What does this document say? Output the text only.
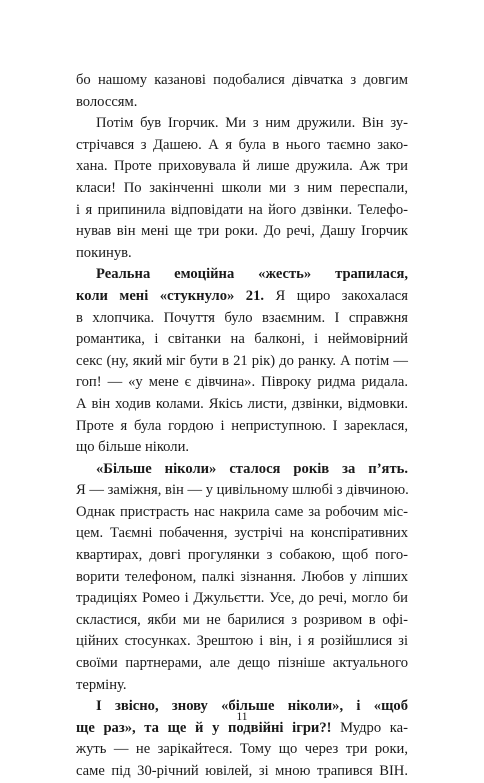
бо нашому казанові подобалися дівчатка з довгим
волоссям.
Потім був Ігорчик. Ми з ним дружили. Він зу-
стрічався з Дашею. А я була в нього таємно зако-
хана. Проте приховувала й лише дружила. Аж три
класи! По закінченні школи ми з ним переспали,
і я припинила відповідати на його дзвінки. Телефо-
нував він мені ще три роки. До речі, Дашу Ігорчик
покинув.
Реальна емоційна «жесть» трапилася,
коли мені «стукнуло» 21. Я щиро закохалася
в хлопчика. Почуття було взаємним. І справжня
романтика, і світанки на балконі, і неймовірний
секс (ну, який міг бути в 21 рік) до ранку. А потім —
гоп! — «у мене є дівчина». Півроку ридма ридала.
А він ходив колами. Якісь листи, дзвінки, відмовки.
Проте я була гордою і неприступною. І зареклася,
що більше ніколи.
«Більше ніколи» сталося років за п’ять.
Я — заміжня, він — у цивільному шлюбі з дівчиною.
Однак пристрасть нас накрила саме за робочим міс-
цем. Таємні побачення, зустрічі на конспіративних
квартирах, довгі прогулянки з собакою, щоб пого-
ворити телефоном, палкі зізнання. Любов у ліпших
традиціях Ромео і Джульєтти. Усе, до речі, могло би
скластися, якби ми не барилися з розривом в офі-
ційних стосунках. Зрештою і він, і я розійшлися зі
своїми партнерами, але дещо пізніше актуального
терміну.
І звісно, знову «більше ніколи», і «щоб
ще раз», та ще й у подвійні ігри?! Мудро ка-
жуть — не зарікайтеся. Тому що через три роки,
саме під 30-річний ювілей, зі мною трапився ВІН.
11
